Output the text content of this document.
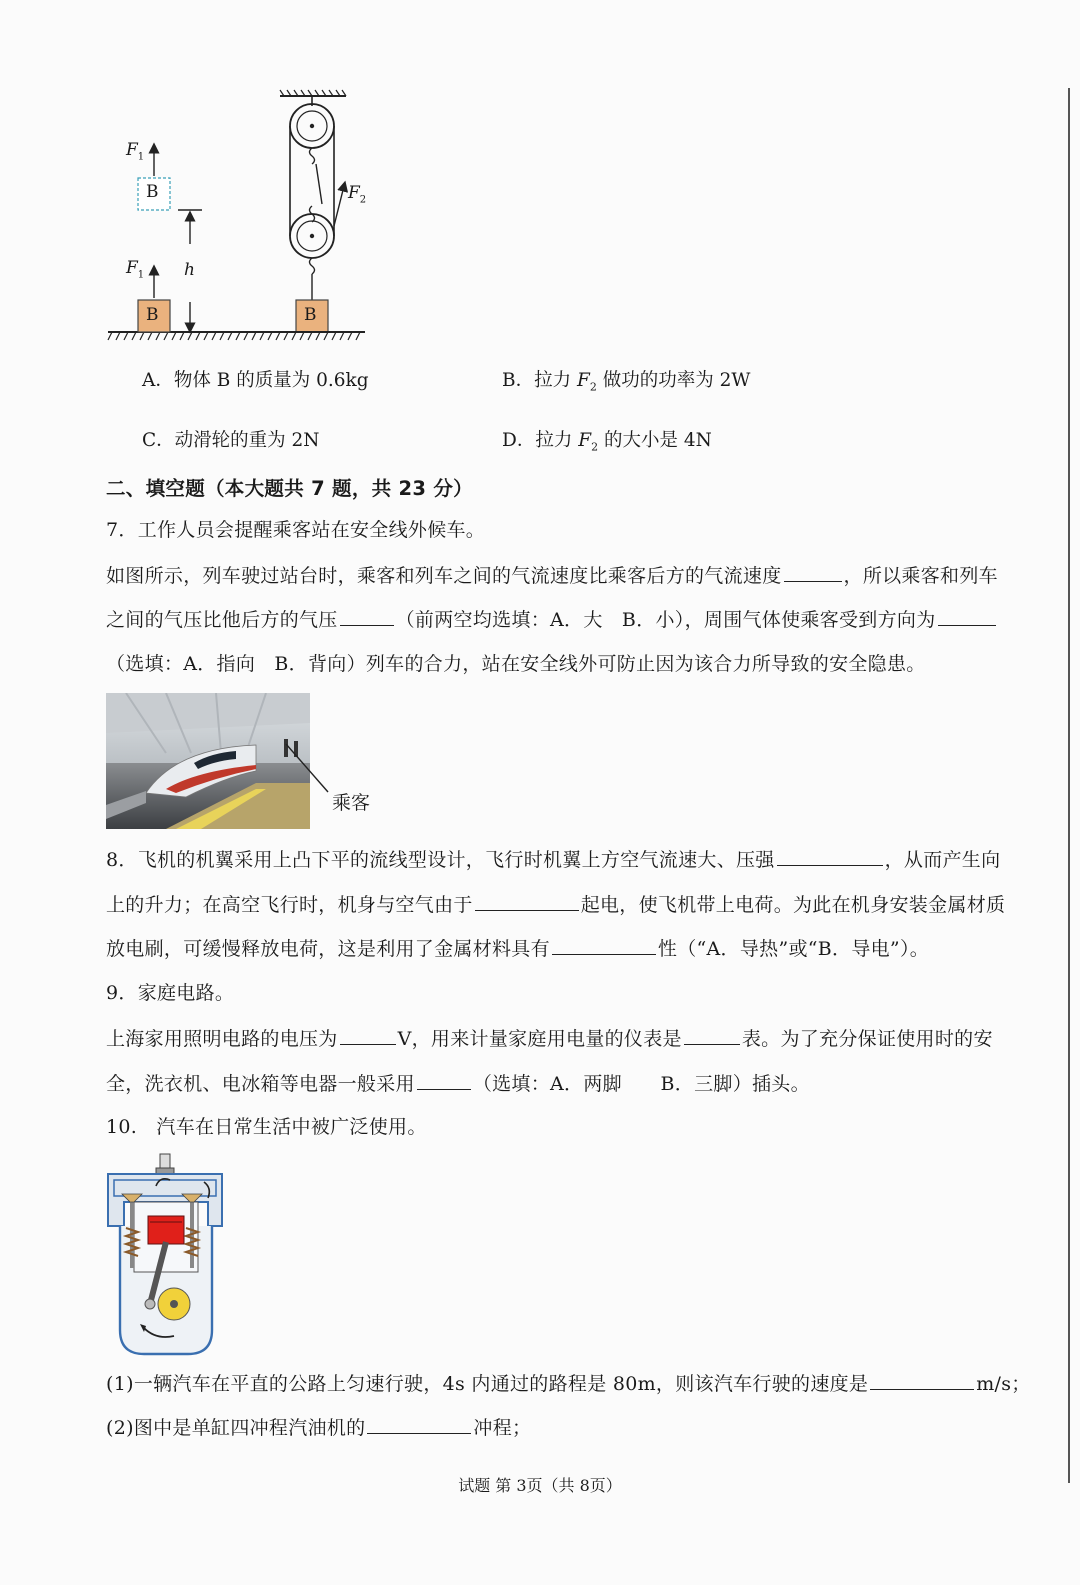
$F_1$
$F_1$
$F_2$
B
B	B
h
A．物体 B 的质量为 0.6kg	B．拉力 $F_2$ 做功的功率为 2W
C．动滑轮的重为 2N	D．拉力 $F_2$ 的大小是 4N
二、填空题（本大题共 7 题，共 23 分）
7．工作人员会提醒乘客站在安全线外候车。
如图所示，列车驶过站台时，乘客和列车之间的气流速度比乘客后方的气流速度	，所以乘客和列车
之间的气压比他后方的气压	（前两空均选填：A．大　B．小），周围气体使乘客受到方向为
（选填：A．指向　B．背向）列车的合力，站在安全线外可防止因为该合力所导致的安全隐患。
乘客
8．飞机的机翼采用上凸下平的流线型设计，飞行时机翼上方空气流速大、压强	，从而产生向
上的升力；在高空飞行时，机身与空气由于	起电，使飞机带上电荷。为此在机身安装金属材质
放电刷，可缓慢释放电荷，这是利用了金属材料具有	性（“A．导热”或“B．导电”）。
9．家庭电路。
上海家用照明电路的电压为	V，用来计量家庭用电量的仪表是	表。为了充分保证使用时的安
全，洗衣机、电冰箱等电器一般采用	（选填：A．两脚　　B．三脚）插头。
10.　汽车在日常生活中被广泛使用。
(1)一辆汽车在平直的公路上匀速行驶，4s 内通过的路程是 80m，则该汽车行驶的速度是	m/s；
(2)图中是单缸四冲程汽油机的	冲程；
试题 第 3页（共 8页）
